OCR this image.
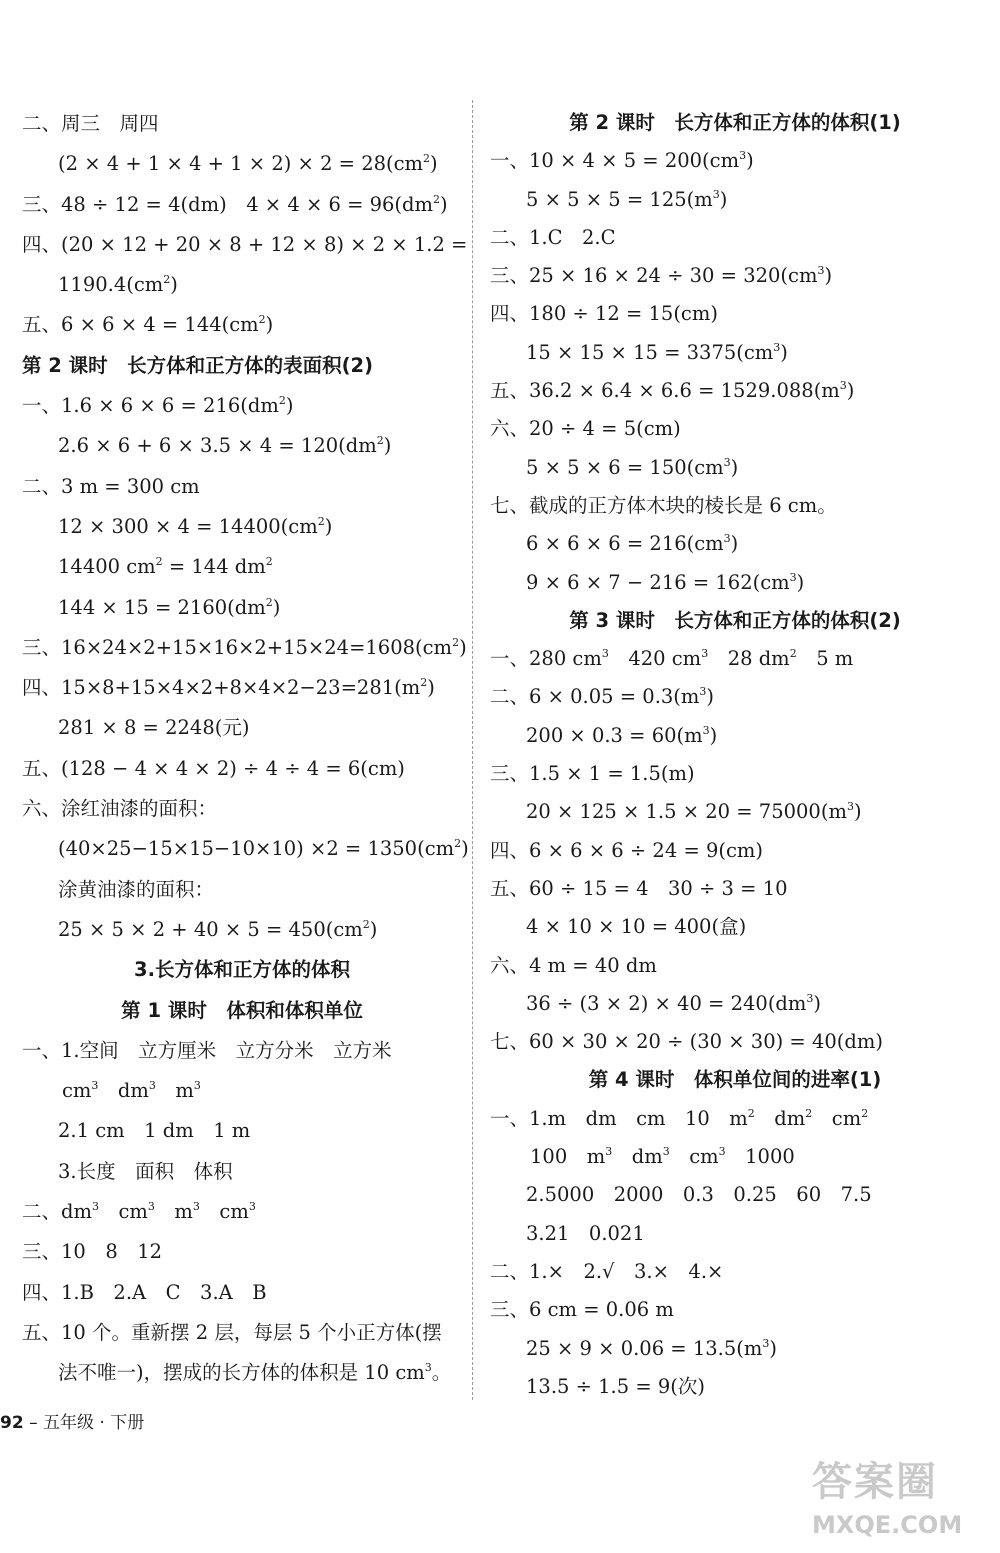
二、周三　周四
$(2 \times 4 + 1 \times 4 + 1 \times 2) \times 2 = 28(cm^2)$
三、48 ÷ 12 = 4(dm)　$4 \times 4 \times 6 = 96(dm^2)$
四、(20 × 12 + 20 × 8 + 12 × 8) × 2 × 1.2 =
$1190.4(cm^2)$
五、$6 \times 6 \times 4 = 144(cm^2)$
第 2 课时　长方体和正方体的表面积(2)
一、$1.6 \times 6 \times 6 = 216(dm^2)$
$2.6 \times 6 + 6 \times 3.5 \times 4 = 120(dm^2)$
二、3 m = 300 cm
$12 \times 300 \times 4 = 14400(cm^2)$
14400 $cm^2 = 144$ $dm^2$
$144 \times 15 = 2160(dm^2)$
三、$16\times 24\times 2+15\times 16\times 2+15\times 24=1608(cm^2)$
四、$15\times 8+15\times 4\times 2+8\times 4\times 2-23=281(m^2)$
281 × 8 = 2248(元)
五、(128 − 4 × 4 × 2) ÷ 4 ÷ 4 = 6(cm)
六、涂红油漆的面积：
$(40\times 25-15\times 15-10\times 10) \times 2 = 1350(cm^2)$
涂黄油漆的面积：
$25 \times 5 \times 2 + 40 \times 5 = 450(cm^2)$
3.长方体和正方体的体积
第 1 课时　体积和体积单位
一、1.空间　立方厘米　立方分米　立方米
$cm^3$　$dm^3$　$m^3$
2.1 cm　1 dm　1 m
3.长度　面积　体积
二、$dm^3$　$cm^3$　$m^3$　$cm^3$
三、10　8　12
四、1.B　2.A　C　3.A　B
五、10 个。重新摆 2 层，每层 5 个小正方体(摆
法不唯一)，摆成的长方体的体积是 10 $cm^3$。
第 2 课时　长方体和正方体的体积(1)
一、$10 \times 4 \times 5 = 200(cm^3)$
$5 \times 5 \times 5 = 125(m^3)$
二、1.C　2.C
三、$25 \times 16 \times 24 \div 30 = 320(cm^3)$
四、180 ÷ 12 = 15(cm)
$15 \times 15 \times 15 = 3375(cm^3)$
五、$36.2 \times 6.4 \times 6.6 = 1529.088(m^3)$
六、20 ÷ 4 = 5(cm)
$5 \times 5 \times 6 = 150(cm^3)$
七、截成的正方体木块的棱长是 6 cm。
$6 \times 6 \times 6 = 216(cm^3)$
$9 \times 6 \times 7 - 216 = 162(cm^3)$
第 3 课时　长方体和正方体的体积(2)
一、280 $cm^3$　420 $cm^3$　28 $dm^2$　5 m
二、$6 \times 0.05 = 0.3(m^3)$
$200 \times 0.3 = 60(m^3)$
三、1.5 × 1 = 1.5(m)
$20 \times 125 \times 1.5 \times 20 = 75000(m^3)$
四、6 × 6 × 6 ÷ 24 = 9(cm)
五、60 ÷ 15 = 4　30 ÷ 3 = 10
4 × 10 × 10 = 400(盒)
六、4 m = 40 dm
$36 \div (3 \times 2) \times 40 = 240(dm^3)$
七、60 × 30 × 20 ÷ (30 × 30) = 40(dm)
第 4 课时　体积单位间的进率(1)
一、1.m　dm　cm　10　$m^2$　$dm^2$　$cm^2$
100　$m^3$　$dm^3$　$cm^3$　1000
2.5000　2000　0.3　0.25　60　7.5
3.21　0.021
二、1.×　2.√　3.×　4.×
三、6 cm = 0.06 m
$25 \times 9 \times 0.06 = 13.5(m^3)$
13.5 ÷ 1.5 = 9(次)
92 – 五年级 · 下册
答案圈
MXQE.COM
